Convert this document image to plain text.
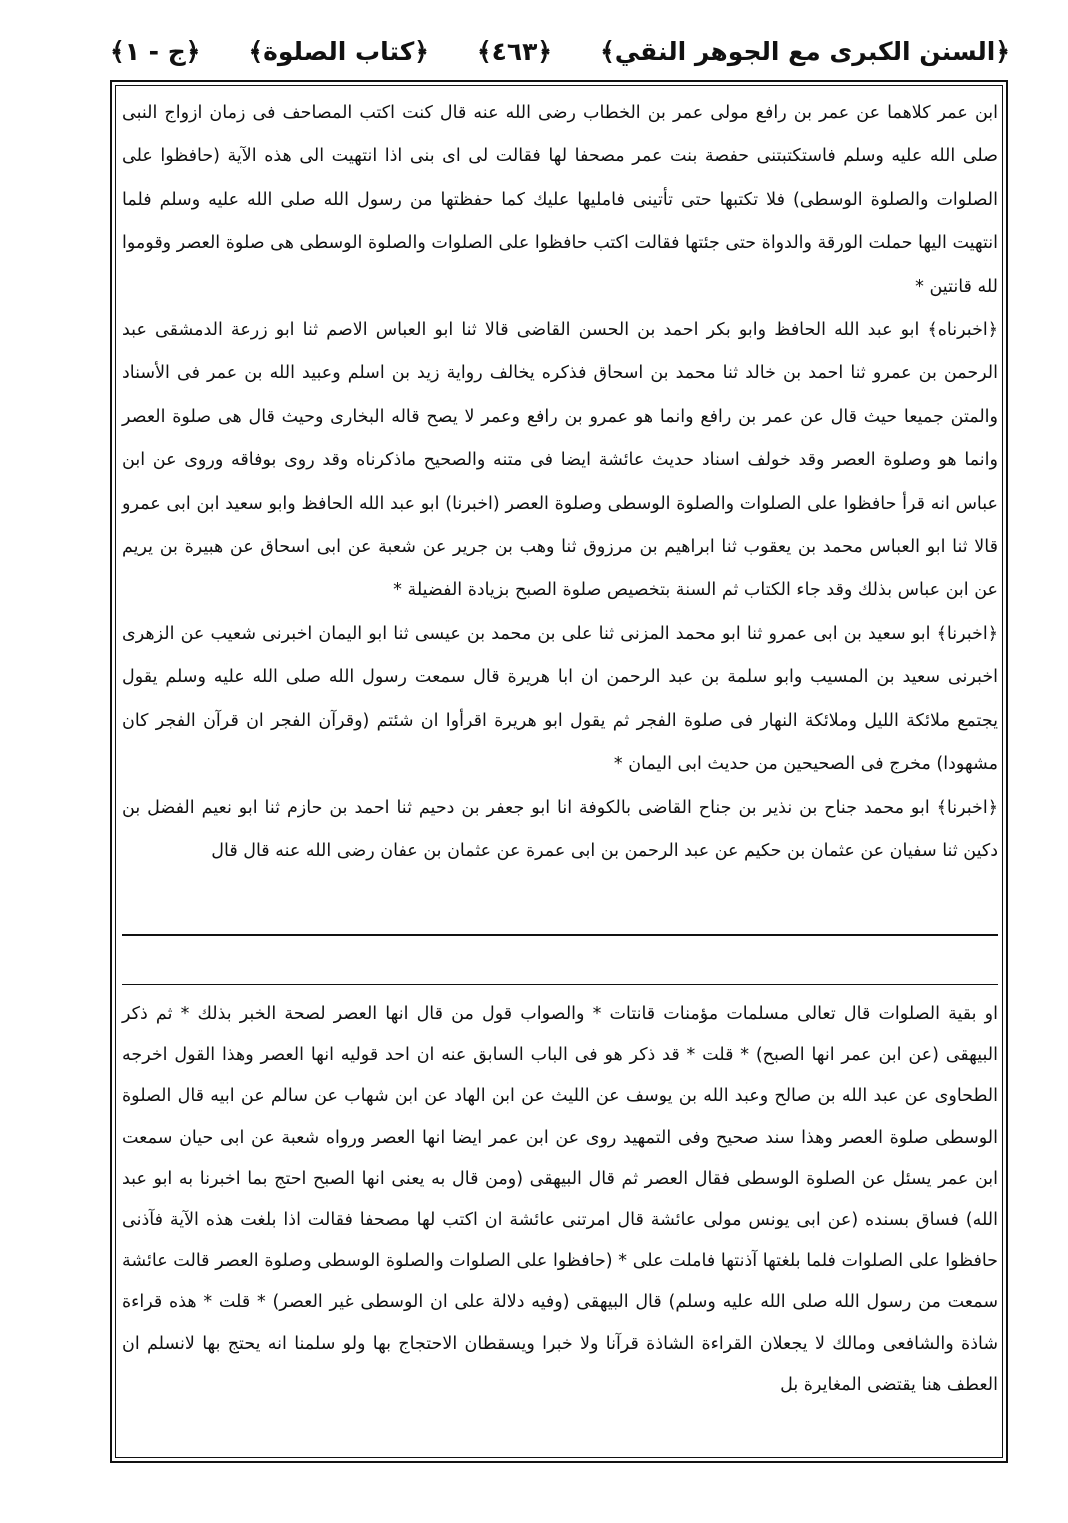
﴿السنن الكبرى مع الجوهر النقي﴾
﴿٤٦٣﴾
﴿كتاب الصلوة﴾
﴿ج - ١﴾

ابن عمر كلاهما عن عمر بن رافع مولى عمر بن الخطاب رضى الله عنه قال كنت اكتب المصاحف فى زمان ازواج النبى صلى الله عليه وسلم فاستكتبتنى حفصة بنت عمر مصحفا لها فقالت لى اى بنى اذا انتهيت الى هذه الآية (حافظوا على الصلوات والصلوة الوسطى) فلا تكتبها حتى تأتينى فامليها عليك كما حفظتها من رسول الله صلى الله عليه وسلم فلما انتهيت اليها حملت الورقة والدواة حتى جئتها فقالت اكتب حافظوا على الصلوات والصلوة الوسطى هى صلوة العصر وقوموا لله قانتين *

﴿اخبرناه﴾ ابو عبد الله الحافظ وابو بكر احمد بن الحسن القاضى قالا ثنا ابو العباس الاصم ثنا ابو زرعة الدمشقى عبد الرحمن بن عمرو ثنا احمد بن خالد ثنا محمد بن اسحاق فذكره يخالف رواية زيد بن اسلم وعبيد الله بن عمر فى الأسناد والمتن جميعا حيث قال عن عمر بن رافع وانما هو عمرو بن رافع وعمر لا يصح قاله البخارى وحيث قال هى صلوة العصر وانما هو وصلوة العصر وقد خولف اسناد حديث عائشة ايضا فى متنه والصحيح ماذكرناه وقد روى بوفاقه وروى عن ابن عباس انه قرأ حافظوا على الصلوات والصلوة الوسطى وصلوة العصر (اخبرنا) ابو عبد الله الحافظ وابو سعيد ابن ابى عمرو قالا ثنا ابو العباس محمد بن يعقوب ثنا ابراهيم بن مرزوق ثنا وهب بن جرير عن شعبة عن ابى اسحاق عن هبيرة بن يريم عن ابن عباس بذلك وقد جاء الكتاب ثم السنة بتخصيص صلوة الصبح بزيادة الفضيلة *

﴿اخبرنا﴾ ابو سعيد بن ابى عمرو ثنا ابو محمد المزنى ثنا على بن محمد بن عيسى ثنا ابو اليمان اخبرنى شعيب عن الزهرى اخبرنى سعيد بن المسيب وابو سلمة بن عبد الرحمن ان ابا هريرة قال سمعت رسول الله صلى الله عليه وسلم يقول يجتمع ملائكة الليل وملائكة النهار فى صلوة الفجر ثم يقول ابو هريرة اقرأوا ان شئتم (وقرآن الفجر ان قرآن الفجر كان مشهودا) مخرج فى الصحيحين من حديث ابى اليمان *

﴿اخبرنا﴾ ابو محمد جناح بن نذير بن جناح القاضى بالكوفة انا ابو جعفر بن دحيم ثنا احمد بن حازم ثنا ابو نعيم الفضل بن دكين ثنا سفيان عن عثمان بن حكيم عن عبد الرحمن بن ابى عمرة عن عثمان بن عفان رضى الله عنه قال قال

او بقية الصلوات قال تعالى مسلمات مؤمنات قانتات * والصواب قول من قال انها العصر لصحة الخبر بذلك * ثم ذكر البيهقى (عن ابن عمر انها الصبح) * قلت * قد ذكر هو فى الباب السابق عنه ان احد قوليه انها العصر وهذا القول اخرجه الطحاوى عن عبد الله بن صالح وعبد الله بن يوسف عن الليث عن ابن الهاد عن ابن شهاب عن سالم عن ابيه قال الصلوة الوسطى صلوة العصر وهذا سند صحيح وفى التمهيد روى عن ابن عمر ايضا انها العصر ورواه شعبة عن ابى حيان سمعت ابن عمر يسئل عن الصلوة الوسطى فقال العصر ثم قال البيهقى (ومن قال به يعنى انها الصبح احتج بما اخبرنا به ابو عبد الله) فساق بسنده (عن ابى يونس مولى عائشة قال امرتنى عائشة ان اكتب لها مصحفا فقالت اذا بلغت هذه الآية فآذنى حافظوا على الصلوات فلما بلغتها آذنتها فاملت على * (حافظوا على الصلوات والصلوة الوسطى وصلوة العصر قالت عائشة سمعت من رسول الله صلى الله عليه وسلم) قال البيهقى (وفيه دلالة على ان الوسطى غير العصر) * قلت * هذه قراءة شاذة والشافعى ومالك لا يجعلان القراءة الشاذة قرآنا ولا خبرا ويسقطان الاحتجاج بها ولو سلمنا انه يحتج بها لانسلم ان العطف هنا يقتضى المغايرة بل
